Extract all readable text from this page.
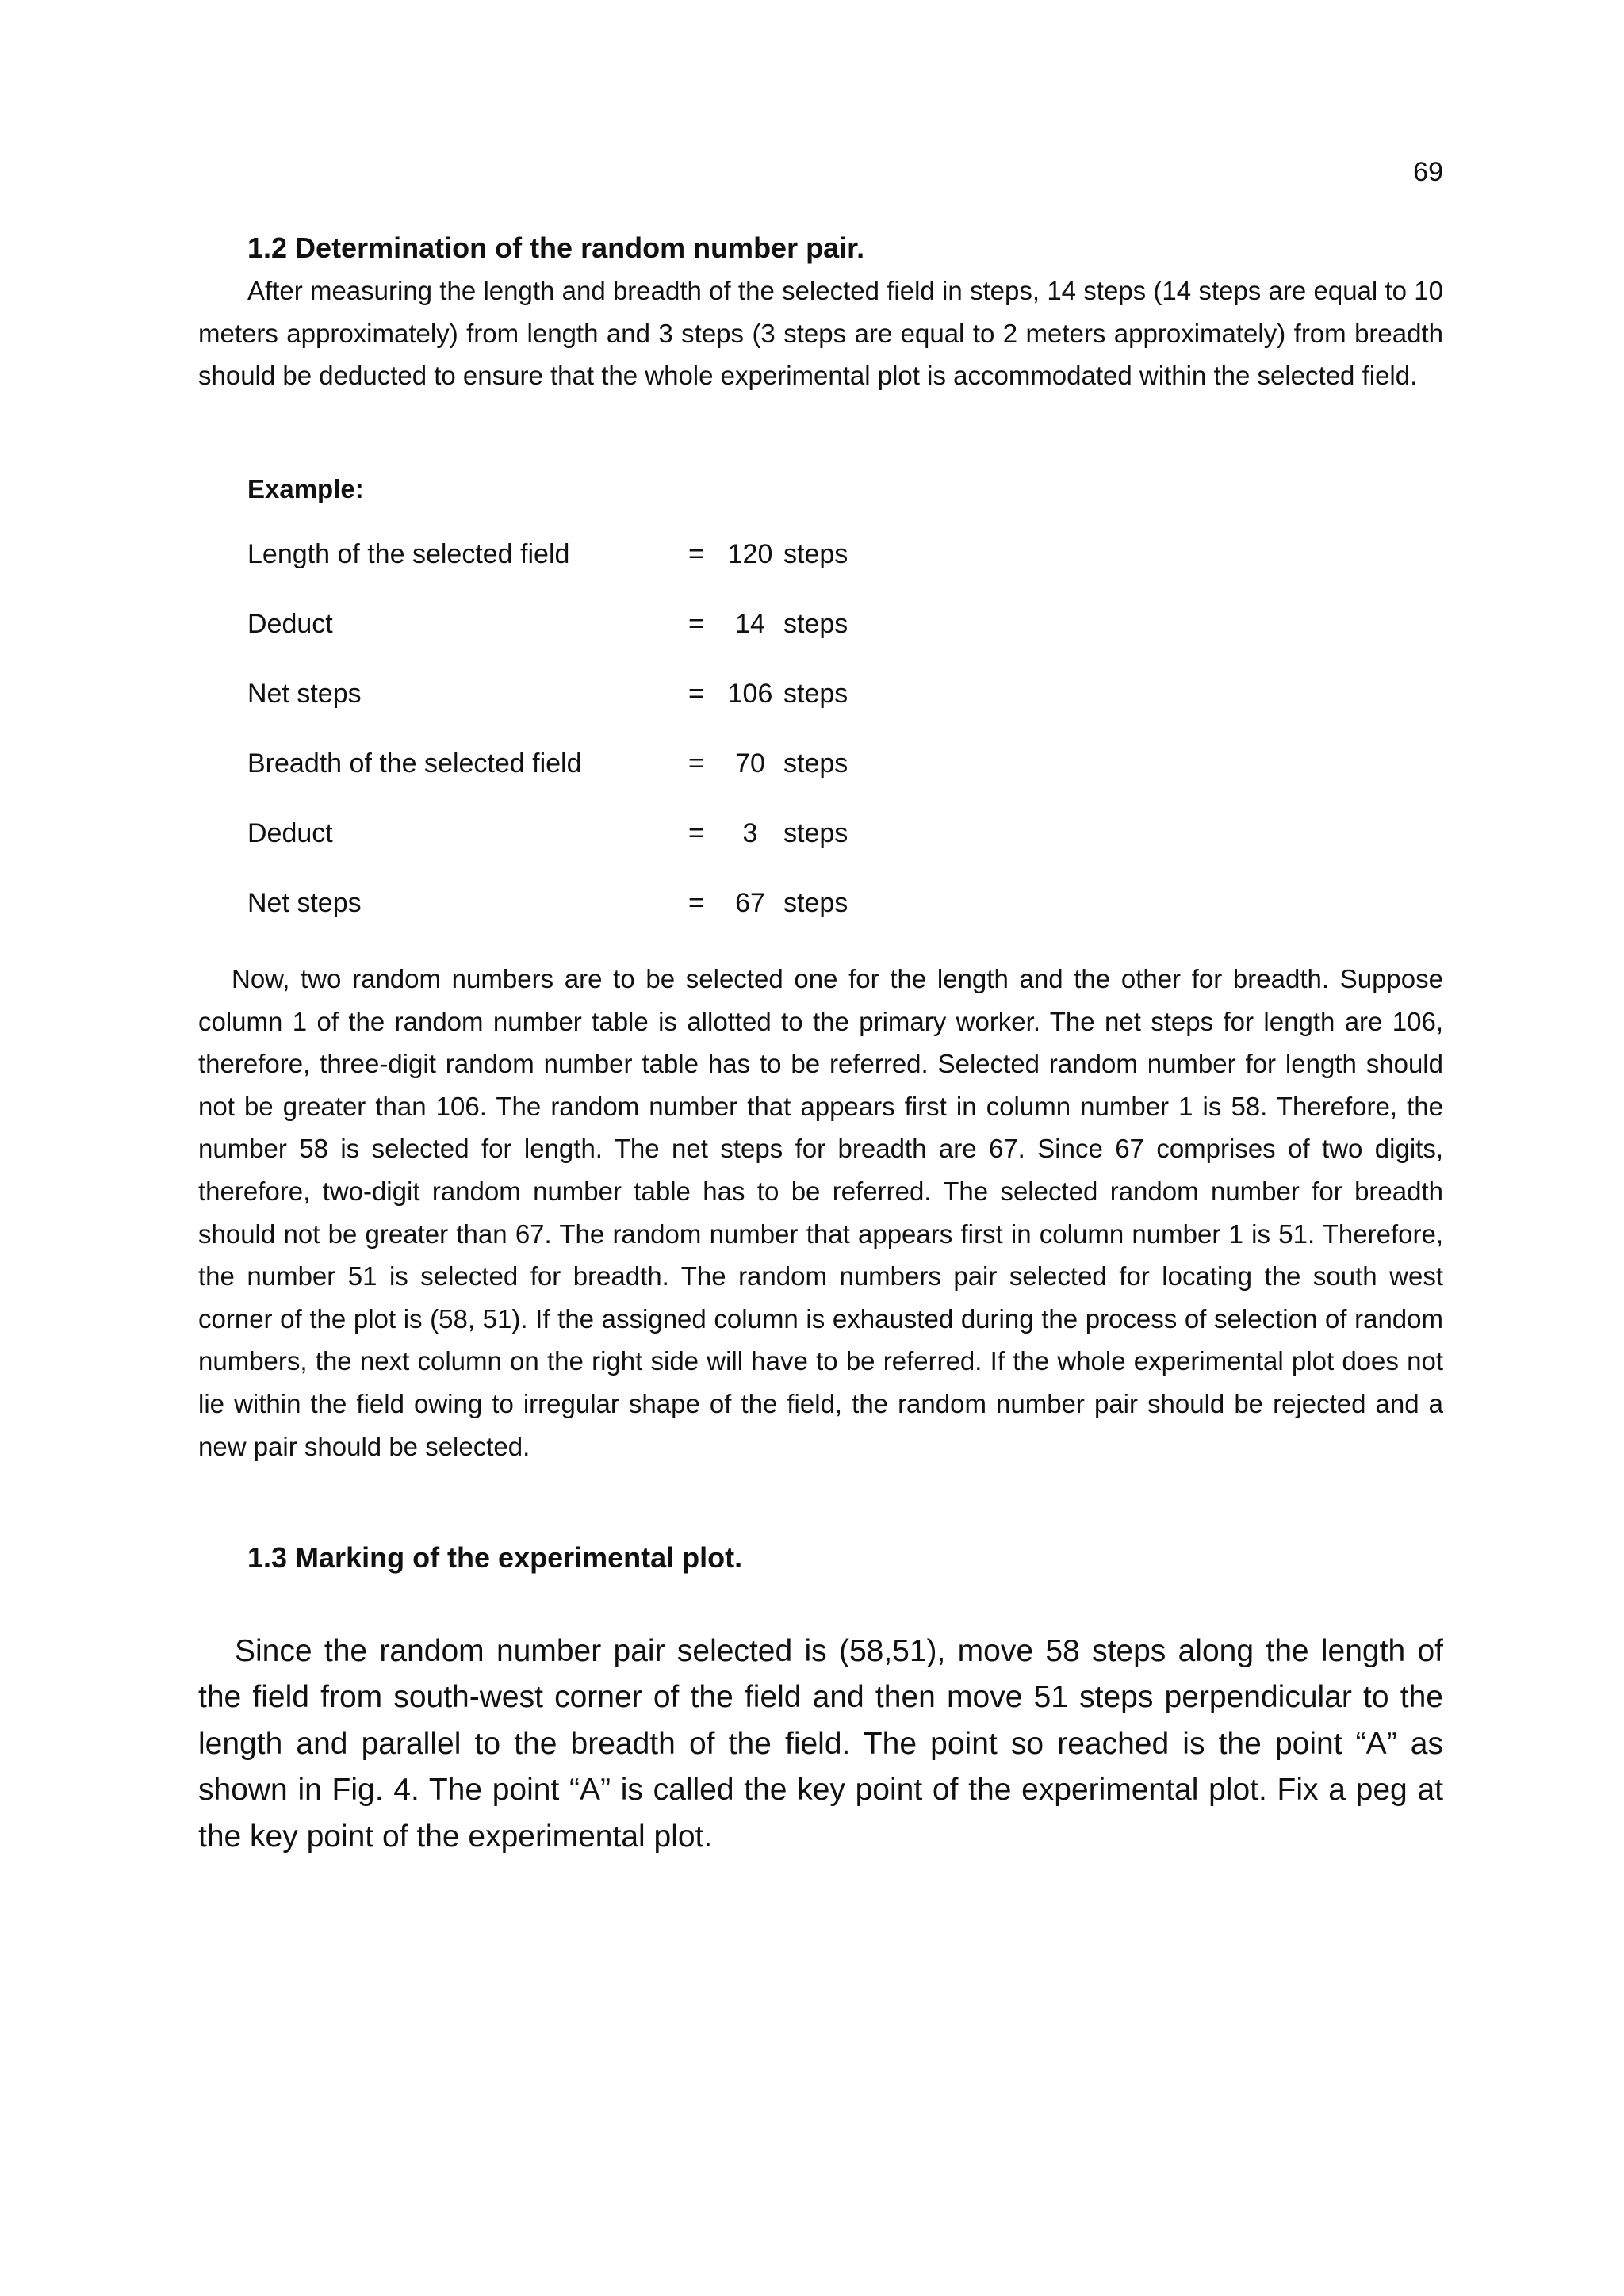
69
1.2 Determination of the random number pair.

After measuring the length and breadth of the selected field in steps, 14 steps (14 steps are equal to 10 meters approximately) from length and 3 steps (3 steps are equal to 2 meters approximately) from breadth should be deducted to ensure that the whole experimental plot is accommodated within the selected field.

Example:
Length of the selected field	= 120 steps
Deduct	=	14 steps
Net steps	= 106 steps
Breadth of the selected field	=	70 steps
Deduct	=	3 steps
Net steps	=	67 steps

Now, two random numbers are to be selected one for the length and the other for breadth. Suppose column 1 of the random number table is allotted to the primary worker. The net steps for length are 106, therefore, three-digit random number table has to be referred. Selected random number for length should not be greater than 106. The random number that appears first in column number 1 is 58. Therefore, the number 58 is selected for length. The net steps for breadth are 67. Since 67 comprises of two digits, therefore, two-digit random number table has to be referred. The selected random number for breadth should not be greater than 67. The random number that appears first in column number 1 is 51. Therefore, the number 51 is selected for breadth. The random numbers pair selected for locating the south west corner of the plot is (58, 51). If the assigned column is exhausted during the process of selection of random numbers, the next column on the right side will have to be referred. If the whole experimental plot does not lie within the field owing to irregular shape of the field, the random number pair should be rejected and a new pair should be selected.

1.3 Marking of the experimental plot.

Since the random number pair selected is (58,51), move 58 steps along the length of the field from south-west corner of the field and then move 51 steps perpendicular to the length and parallel to the breadth of the field. The point so reached is the point “A” as shown in Fig. 4. The point “A” is called the key point of the experimental plot. Fix a peg at the key point of the experimental plot.
